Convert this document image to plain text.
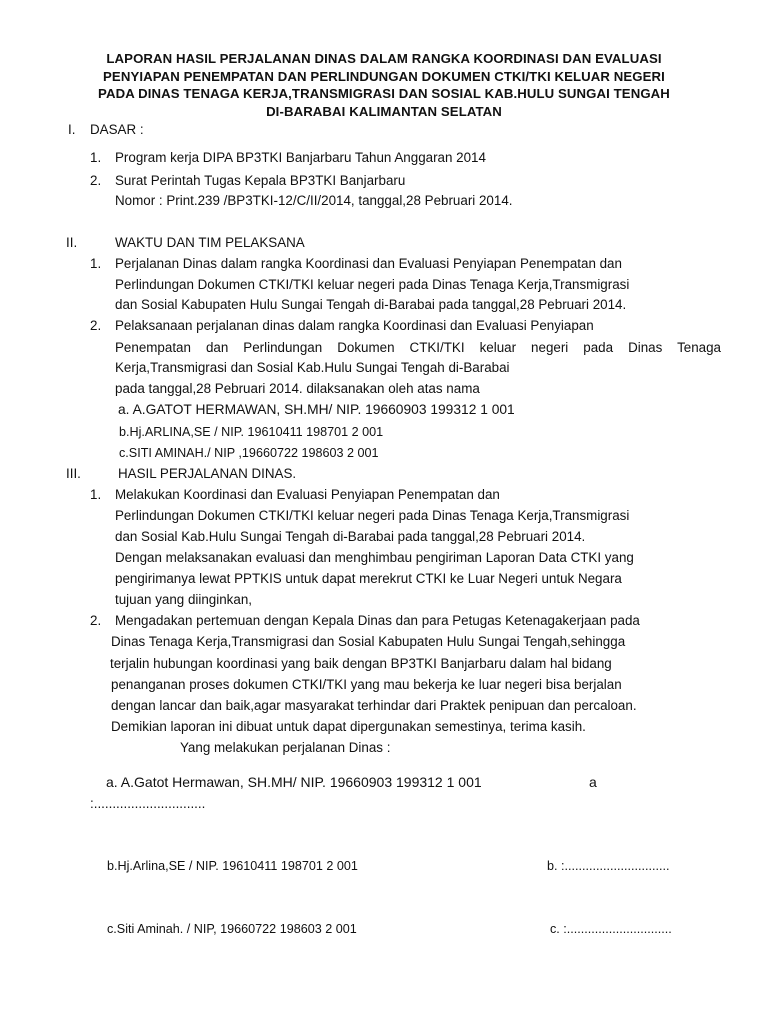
LAPORAN HASIL PERJALANAN DINAS DALAM RANGKA KOORDINASI DAN EVALUASI
PENYIAPAN PENEMPATAN DAN PERLINDUNGAN DOKUMEN CTKI/TKI KELUAR NEGERI
PADA DINAS TENAGA KERJA,TRANSMIGRASI DAN SOSIAL KAB.HULU SUNGAI TENGAH
DI-BARABAI KALIMANTAN SELATAN
I. DASAR :
1. Program kerja DIPA BP3TKI Banjarbaru Tahun Anggaran 2014
2. Surat Perintah Tugas Kepala BP3TKI Banjarbaru
Nomor : Print.239 /BP3TKI-12/C/II/2014, tanggal,28 Pebruari 2014.
II.	WAKTU DAN TIM PELAKSANA
1. Perjalanan Dinas dalam rangka Koordinasi dan Evaluasi Penyiapan Penempatan dan
Perlindungan Dokumen CTKI/TKI keluar negeri pada Dinas Tenaga Kerja,Transmigrasi
dan Sosial Kabupaten Hulu Sungai Tengah di-Barabai pada tanggal,28 Pebruari 2014.
2. Pelaksanaan perjalanan dinas dalam rangka Koordinasi dan Evaluasi Penyiapan
Penempatan dan Perlindungan Dokumen CTKI/TKI keluar negeri pada Dinas Tenaga
Kerja,Transmigrasi dan Sosial Kab.Hulu Sungai Tengah di-Barabai
pada tanggal,28 Pebruari 2014. dilaksanakan oleh atas nama
a. A.GATOT HERMAWAN, SH.MH/ NIP. 19660903 199312 1 001
b.Hj.ARLINA,SE / NIP. 19610411 198701 2 001
c.SITI AMINAH./ NIP ,19660722 198603 2 001
III.	HASIL PERJALANAN DINAS.
1. Melakukan Koordinasi dan Evaluasi Penyiapan Penempatan dan
Perlindungan Dokumen CTKI/TKI keluar negeri pada Dinas Tenaga Kerja,Transmigrasi
dan Sosial Kab.Hulu Sungai Tengah di-Barabai pada tanggal,28 Pebruari 2014.
Dengan melaksanakan evaluasi dan menghimbau pengiriman Laporan Data CTKI yang
pengirimanya lewat PPTKIS untuk dapat merekrut CTKI ke Luar Negeri untuk Negara
tujuan yang diinginkan,
2. Mengadakan pertemuan dengan Kepala Dinas dan para Petugas Ketenagakerjaan pada
Dinas Tenaga Kerja,Transmigrasi dan Sosial Kabupaten Hulu Sungai Tengah,sehingga
terjalin hubungan koordinasi yang baik dengan BP3TKI Banjarbaru dalam hal bidang
penanganan proses dokumen CTKI/TKI yang mau bekerja ke luar negeri bisa berjalan
dengan lancar dan baik,agar masyarakat terhindar dari Praktek penipuan dan percaloan.
Demikian laporan ini dibuat untuk dapat dipergunakan semestinya, terima kasih.
Yang melakukan perjalanan Dinas :
a. A.Gatot Hermawan, SH.MH/ NIP. 19660903 199312 1 001	a
:..............................
b.Hj.Arlina,SE / NIP. 19610411 198701 2 001	b. :..............................
c.Siti Aminah. / NIP, 19660722 198603 2 001	c. :..............................
